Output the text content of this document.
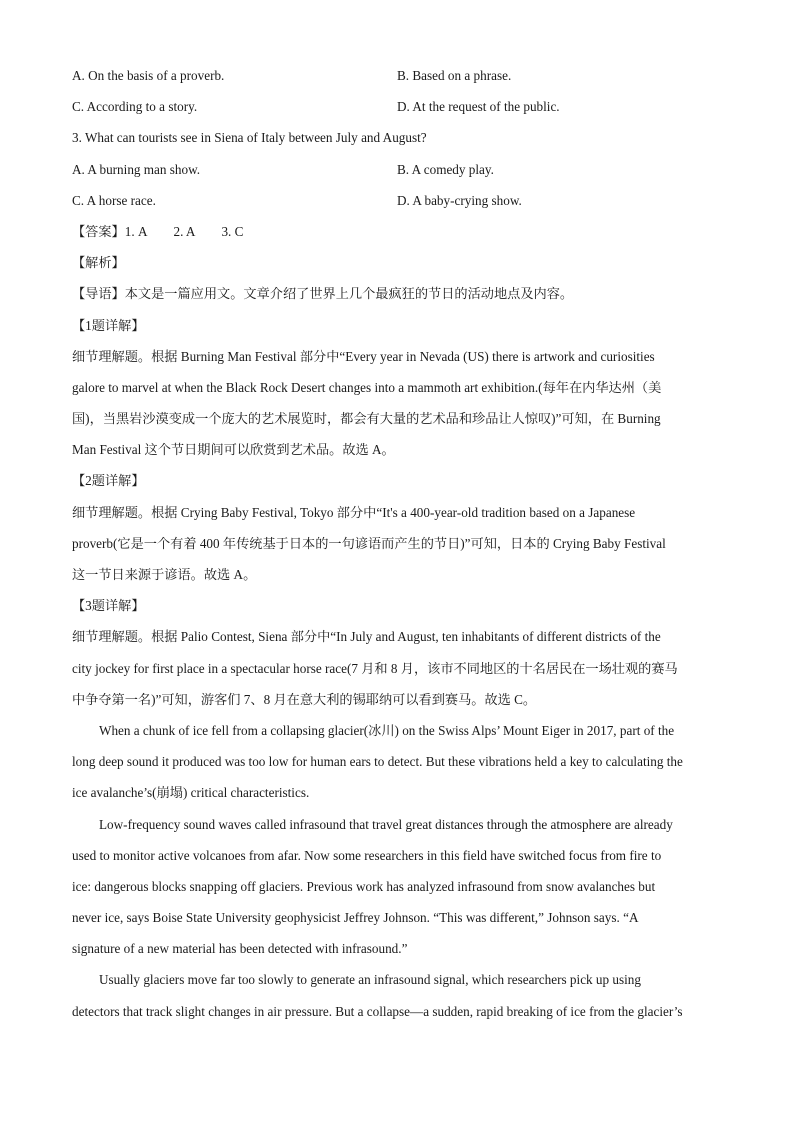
A. On the basis of a proverb.	B. Based on a phrase.
C. According to a story.	D. At the request of the public.
3. What can tourists see in Siena of Italy between July and August?
A. A burning man show.	B. A comedy play.
C. A horse race.	D. A baby-crying show.
【答案】1. A 2. A 3. C
【解析】
【导语】本文是一篇应用文。文章介绍了世界上几个最疯狂的节日的活动地点及内容。
【1题详解】
细节理解题。根据 Burning Man Festival 部分中“Every year in Nevada (US) there is artwork and curiosities
galore to marvel at when the Black Rock Desert changes into a mammoth art exhibition.(每年在内华达州（美
国)，当黑岩沙漠变成一个庞大的艺术展览时，都会有大量的艺术品和珍品让人惊叹)”可知，在 Burning
Man Festival 这个节日期间可以欣赏到艺术品。故选 A。
【2题详解】
细节理解题。根据 Crying Baby Festival, Tokyo 部分中“It's a 400-year-old tradition based on a Japanese
proverb(它是一个有着 400 年传统基于日本的一句谚语而产生的节日)”可知，日本的 Crying Baby Festival
这一节日来源于谚语。故选 A。
【3题详解】
细节理解题。根据 Palio Contest, Siena 部分中“In July and August, ten inhabitants of different districts of the
city jockey for first place in a spectacular horse race(7 月和 8 月，该市不同地区的十名居民在一场壮观的赛马
中争夺第一名)”可知，游客们 7、8 月在意大利的锡耶纳可以看到赛马。故选 C。
When a chunk of ice fell from a collapsing glacier(冰川) on the Swiss Alps’ Mount Eiger in 2017, part of the
long deep sound it produced was too low for human ears to detect. But these vibrations held a key to calculating the
ice avalanche’s(崩塌) critical characteristics.
Low-frequency sound waves called infrasound that travel great distances through the atmosphere are already
used to monitor active volcanoes from afar. Now some researchers in this field have switched focus from fire to
ice: dangerous blocks snapping off glaciers. Previous work has analyzed infrasound from snow avalanches but
never ice, says Boise State University geophysicist Jeffrey Johnson. “This was different,” Johnson says. “A
signature of a new material has been detected with infrasound.”
Usually glaciers move far too slowly to generate an infrasound signal, which researchers pick up using
detectors that track slight changes in air pressure. But a collapse—a sudden, rapid breaking of ice from the glacier’s
